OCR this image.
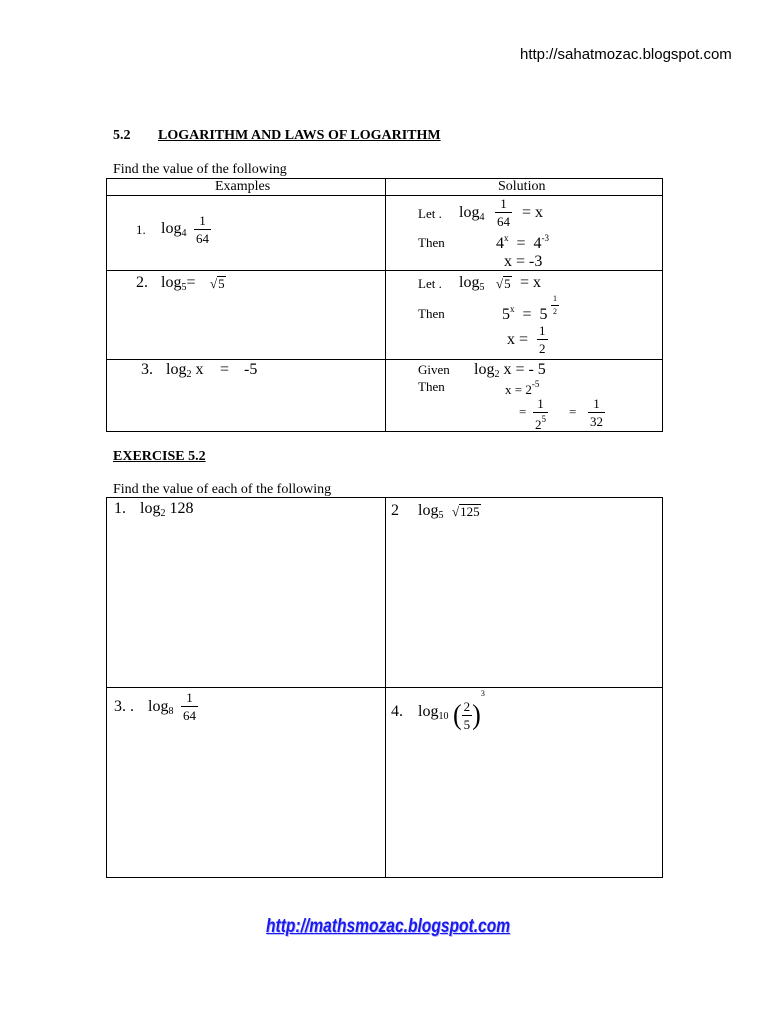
http://sahatmozac.blogspot.com
5.2 LOGARITHM AND LAWS OF LOGARITHM
Find the value of the following
Examples	Solution
1. $\log_4 \frac{1}{64}$
Let . $\log_4 \frac{1}{64} = x$
Then	$4^x = 4^{-3}$
x = -3
2. $\log_5= √5$	Let . $\log_5 √5 = x$
Then	$5^x = 5 \frac{1}{2}$
$x = \frac{1}{2}$
3. $\log_2 x = -5$	Given $\log_2 x$ = - 5
Then	$x = 2^{-5}$
= $\frac{1}{2^5} = \frac{1}{32}$
EXERCISE 5.2
Find the value of each of the following
1. $\log_2 128$	2 $\log_5 √125$
3. . $\log_8 \frac{1}{64}$	4. $\log_{10}$ ( $\frac{2}{5} )^3$
http://mathsmozac.blogspot.com
